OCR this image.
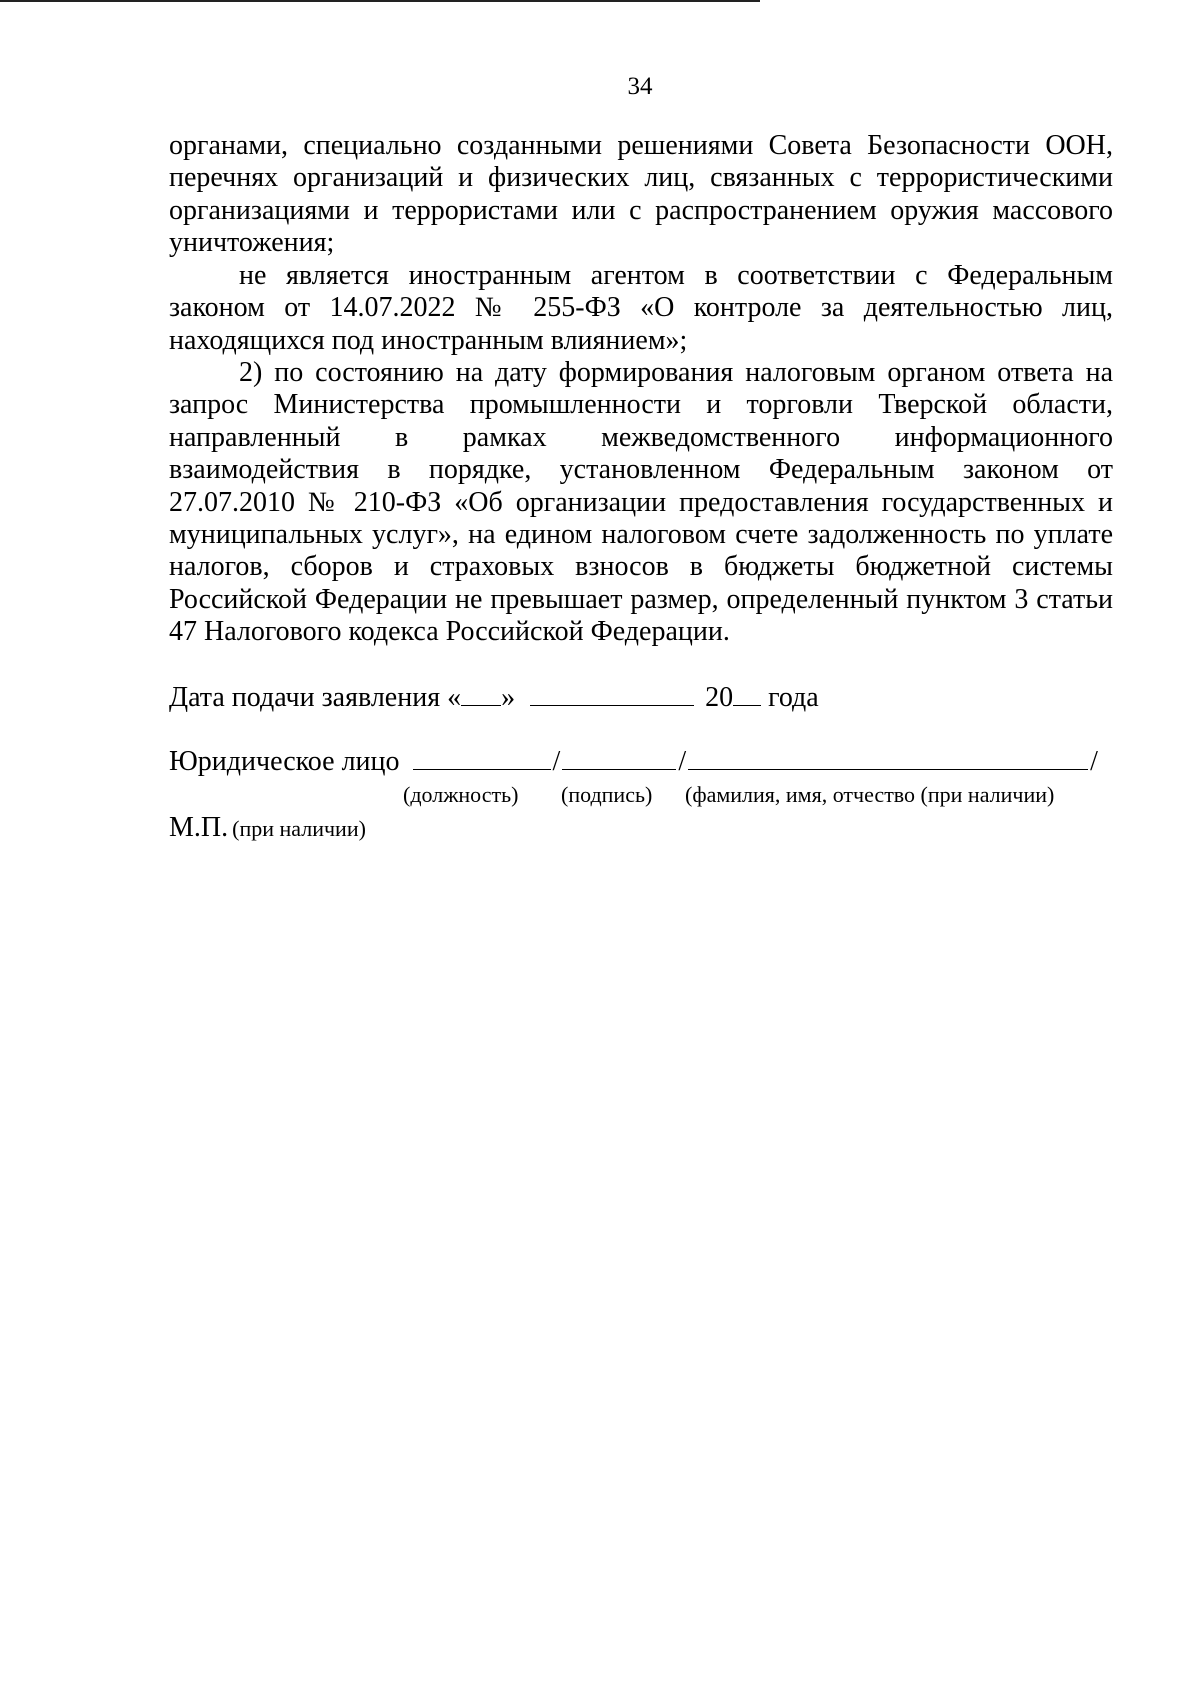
34

органами, специально созданными решениями Совета Безопасности ООН, перечнях организаций и физических лиц, связанных с террористическими организациями и террористами или с распространением оружия массового уничтожения;

не является иностранным агентом в соответствии с Федеральным законом от 14.07.2022 № 255-ФЗ «О контроле за деятельностью лиц, находящихся под иностранным влиянием»;

2) по состоянию на дату формирования налоговым органом ответа на запрос Министерства промышленности и торговли Тверской области, направленный в рамках межведомственного информационного взаимодействия в порядке, установленном Федеральным законом от 27.07.2010 № 210-ФЗ «Об организации предоставления государственных и муниципальных услуг», на едином налоговом счете задолженность по уплате налогов, сборов и страховых взносов в бюджеты бюджетной системы Российской Федерации не превышает размер, определенный пунктом 3 статьи 47 Налогового кодекса Российской Федерации.

Дата подачи заявления « »	20 года
Юридическое лицо	/	/	/
(должность) (подпись) (фамилия, имя, отчество (при наличии)
М.П. (при наличии)
